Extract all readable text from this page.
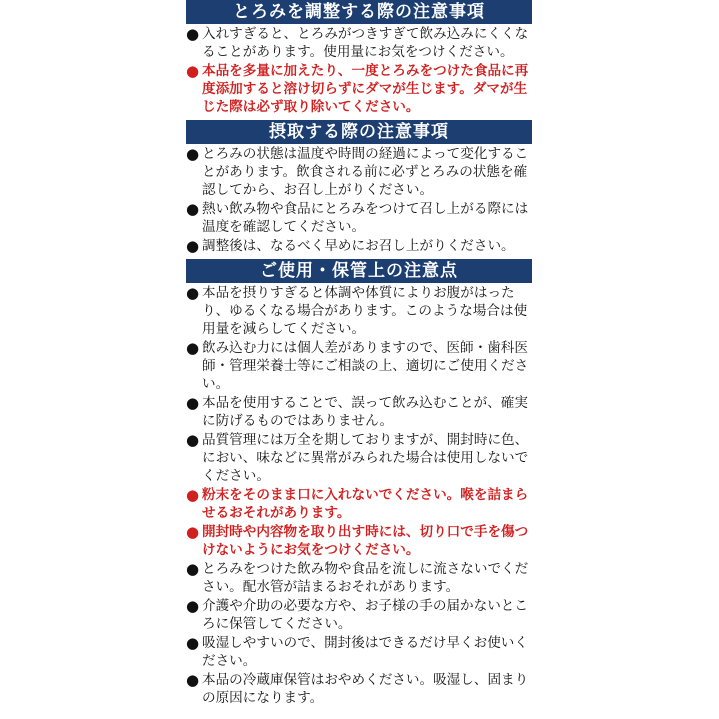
とろみを調整する際の注意事項
● 入れすぎると、とろみがつきすぎて飲み込みにくくなることがあります。使用量にお気をつけください。
● 本品を多量に加えたり、一度とろみをつけた食品に再度添加すると溶け切らずにダマが生じます。ダマが生じた際は必ず取り除いてください。
摂取する際の注意事項
● とろみの状態は温度や時間の経過によって変化することがあります。飲食される前に必ずとろみの状態を確認してから、お召し上がりください。
● 熱い飲み物や食品にとろみをつけて召し上がる際には温度を確認してください。
● 調整後は、なるべく早めにお召し上がりください。
ご使用・保管上の注意点
● 本品を摂りすぎると体調や体質によりお腹がはったり、ゆるくなる場合があります。このような場合は使用量を減らしてください。
● 飲み込む力には個人差がありますので、医師・歯科医師・管理栄養士等にご相談の上、適切にご使用ください。
● 本品を使用することで、誤って飲み込むことが、確実に防げるものではありません。
● 品質管理には万全を期しておりますが、開封時に色、におい、味などに異常がみられた場合は使用しないでください。
● 粉末をそのまま口に入れないでください。喉を詰まらせるおそれがあります。
● 開封時や内容物を取り出す時には、切り口で手を傷つけないようにお気をつけください。
● とろみをつけた飲み物や食品を流しに流さないでください。配水管が詰まるおそれがあります。
● 介護や介助の必要な方や、お子様の手の届かないところに保管してください。
● 吸湿しやすいので、開封後はできるだけ早くお使いください。
● 本品の冷蔵庫保管はおやめください。吸湿し、固まりの原因になります。
